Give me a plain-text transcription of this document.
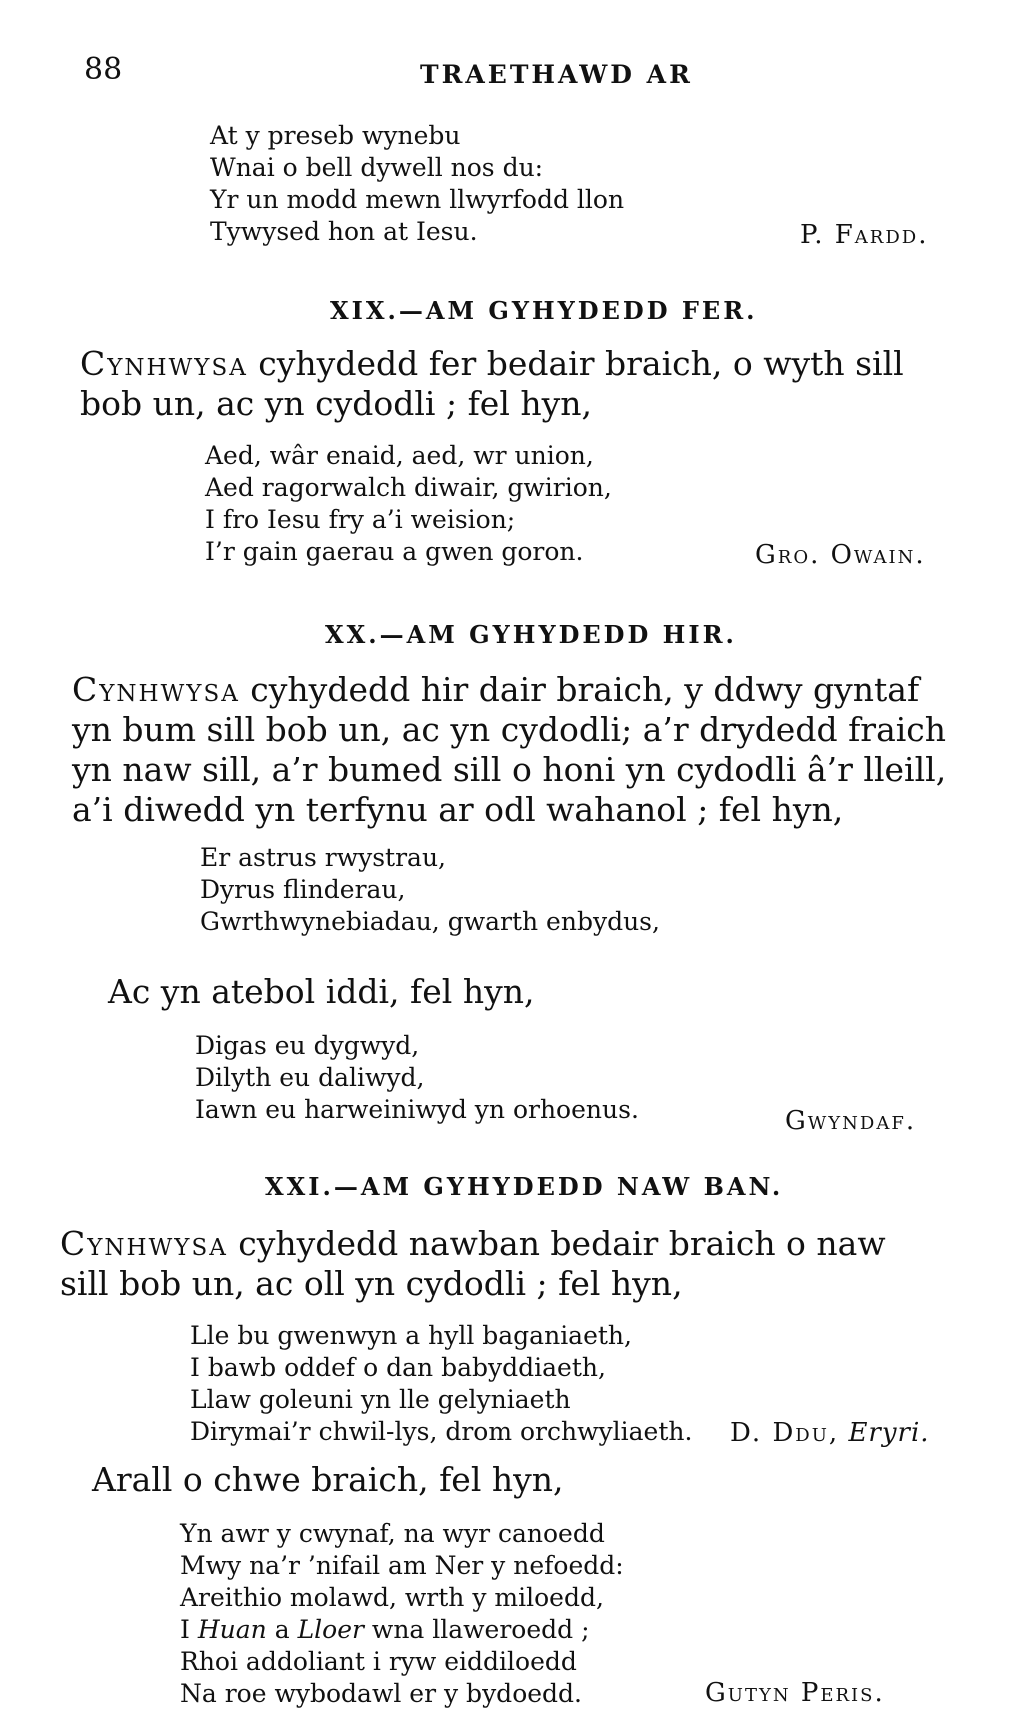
88	TRAETHAWD AR
At y preseb wynebu
Wnai o bell dywell nos du:
Yr un modd mewn llwyrfodd llon
Tywysed hon at Iesu.	P. Fardd.
XIX.—AM GYHYDEDD FER.
Cynhwysa cyhydedd fer bedair braich, o wyth sill
bob un, ac yn cydodli ; fel hyn,
Aed, wâr enaid, aed, wr union,
Aed ragorwalch diwair, gwirion,
I fro Iesu fry a’i weision;
I’r gain gaerau a gwen goron.	Gro. Owain.
XX.—AM GYHYDEDD HIR.
Cynhwysa cyhydedd hir dair braich, y ddwy gyntaf
yn bum sill bob un, ac yn cydodli; a’r drydedd fraich
yn naw sill, a’r bumed sill o honi yn cydodli â’r lleill,
a’i diwedd yn terfynu ar odl wahanol ; fel hyn,
Er astrus rwystrau,
Dyrus flinderau,
Gwrthwynebiadau, gwarth enbydus,
Ac yn atebol iddi, fel hyn,
Digas eu dygwyd,
Dilyth eu daliwyd,
Iawn eu harweiniwyd yn orhoenus.	Gwyndaf.
XXI.—AM GYHYDEDD NAW BAN.
Cynhwysa cyhydedd nawban bedair braich o naw
sill bob un, ac oll yn cydodli ; fel hyn,
Lle bu gwenwyn a hyll baganiaeth,
I bawb oddef o dan babyddiaeth,
Llaw goleuni yn lle gelyniaeth
Dirymai’r chwil-lys, drom orchwyliaeth. D. Ddu, Eryri.
Arall o chwe braich, fel hyn,
Yn awr y cwynaf, na wyr canoedd
Mwy na’r ’nifail am Ner y nefoedd:
Areithio molawd, wrth y miloedd,
I Huan a Lloer wna llaweroedd ;
Rhoi addoliant i ryw eiddiloedd
Na roe wybodawl er y bydoedd.	Gutyn Peris.
